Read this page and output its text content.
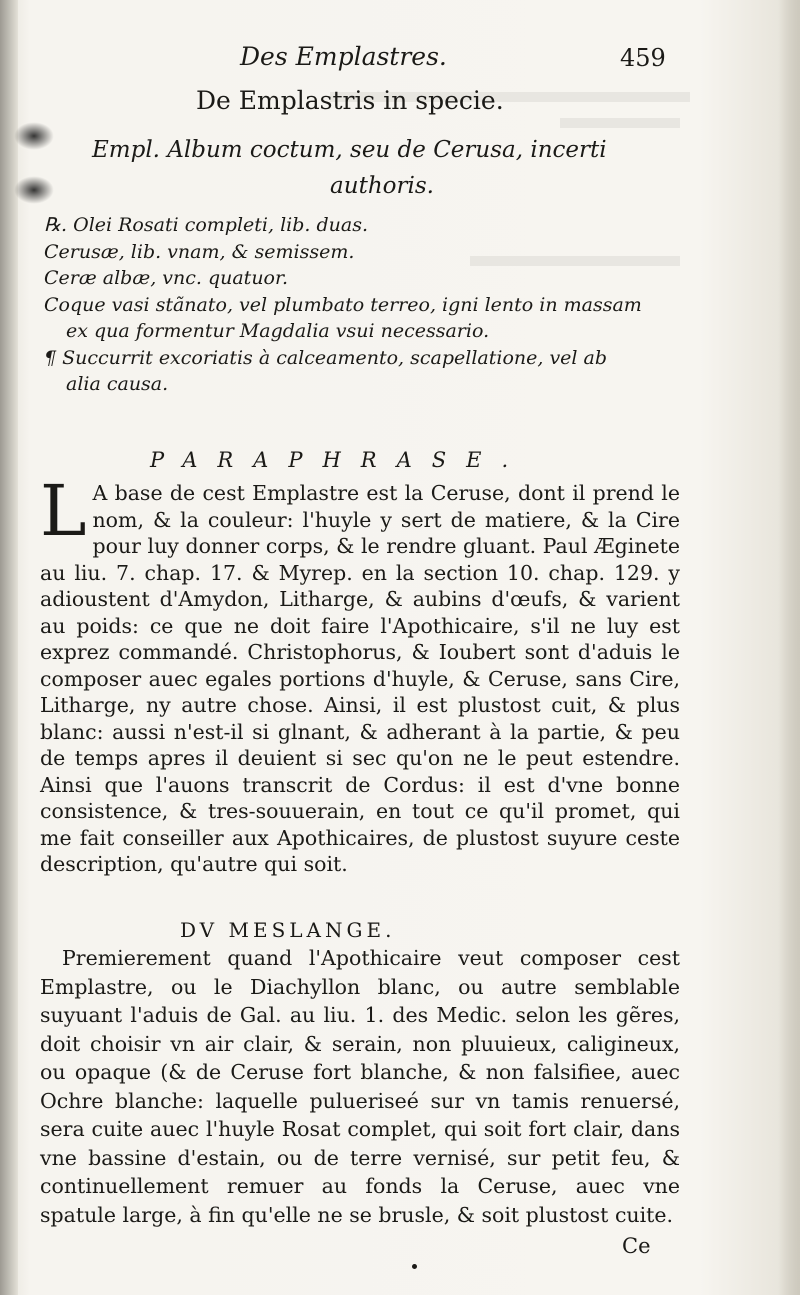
Des Emplastres.	459
De Emplastris in specie.
Empl. Album coctum, seu de Cerusa, incerti
authoris.
℞. Olei Rosati completi, lib. duas.
Cerusæ, lib. vnam, & semissem.
Ceræ albæ, vnc. quatuor.
Coque vasi stãnato, vel plumbato terreo, igni lento in massam
ex qua formentur Magdalia vsui necessario.
¶ Succurrit excoriatis à calceamento, scapellatione, vel ab
alia causa.
PARAPHRASE.

L A base de cest Emplastre est la Ceruse, dont il prend le nom, & la couleur: l'huyle y sert de matiere, & la Cire pour luy donner corps, & le rendre gluant. Paul Æginete au liu. 7. chap. 17. & Myrep. en la section 10. chap. 129. y adioustent d'Amydon, Litharge, & aubins d'œufs, & varient au poids: ce que ne doit faire l'Apothicaire, s'il ne luy est exprez commandé. Christophorus, & Ioubert sont d'aduis le composer auec egales portions d'huyle, & Ceruse, sans Cire, Litharge, ny autre chose. Ainsi, il est plustost cuit, & plus blanc: aussi n'est-il si glnant, & adherant à la partie, & peu de temps apres il deuient si sec qu'on ne le peut estendre. Ainsi que l'auons transcrit de Cordus: il est d'vne bonne consistence, & tres-souuerain, en tout ce qu'il promet, qui me fait conseiller aux Apothicaires, de plustost suyure ceste description, qu'autre qui soit.

DV MESLANGE.

Premierement quand l'Apothicaire veut composer cest Emplastre, ou le Diachyllon blanc, ou autre semblable suyuant l'aduis de Gal. au liu. 1. des Medic. selon les gẽres, doit choisir vn air clair, & serain, non pluuieux, caligineux, ou opaque (& de Ceruse fort blanche, & non falsifiee, auec Ochre blanche: laquelle pulueriseé sur vn tamis renuersé, sera cuite auec l'huyle Rosat complet, qui soit fort clair, dans vne bassine d'estain, ou de terre vernisé, sur petit feu, & continuellement remuer au fonds la Ceruse, auec vne spatule large, à fin qu'elle ne se brusle, & soit plustost cuite.

Ce
